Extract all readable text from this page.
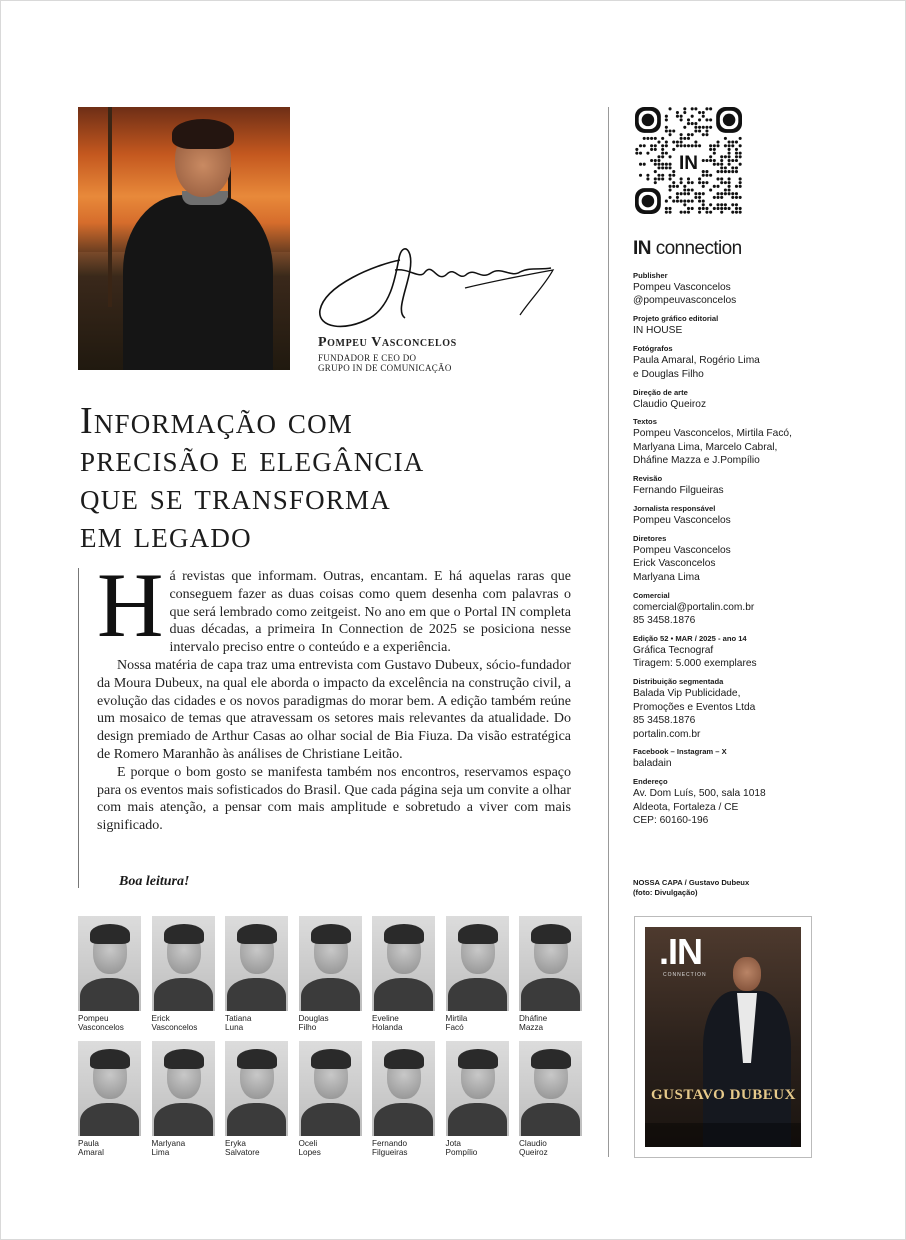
Pompeu Vasconcelos
FUNDADOR E CEO DO
GRUPO IN DE COMUNICAÇÃO
Informação com
precisão e elegância
que se transforma
em legado

Há revistas que informam. Outras, encantam. E há aquelas raras que conseguem fazer as duas coisas como quem desenha com palavras o que será lembrado como zeitgeist. No ano em que o Portal IN completa duas décadas, a primeira In Connection de 2025 se posiciona nesse intervalo preciso entre o conteúdo e a experiência.

Nossa matéria de capa traz uma entrevista com Gustavo Dubeux, sócio-fundador da Moura Dubeux, na qual ele aborda o impacto da excelência na construção civil, a evolução das cidades e os novos paradigmas do morar bem. A edição também reúne um mosaico de temas que atravessam os setores mais relevantes da atualidade. Do design premiado de Arthur Casas ao olhar social de Bia Fiuza. Da visão estratégica de Romero Maranhão às análises de Christiane Leitão.

E porque o bom gosto se manifesta também nos encontros, reservamos espaço para os eventos mais sofisticados do Brasil. Que cada página seja um convite a olhar com mais atenção, a pensar com mais amplitude e sobretudo a viver com mais significado.

Boa leitura!
Pompeu
Vasconcelos
Erick
Vasconcelos
Tatiana
Luna
Douglas
Filho
Eveline
Holanda
Mirtila
Facó
Dháfine
Mazza
Paula
Amaral
Marlyana
Lima
Eryka
Salvatore
Oceli
Lopes
Fernando
Filgueiras
Jota
Pompílio
Claudio
Queiroz
IN
IN connection
Publisher
Pompeu Vasconcelos
@pompeuvasconcelos
Projeto gráfico editorial
IN HOUSE
Fotógrafos
Paula Amaral, Rogério Lima
e Douglas Filho
Direção de arte
Claudio Queiroz
Textos
Pompeu Vasconcelos, Mirtila Facó,
Marlyana Lima, Marcelo Cabral,
Dháfine Mazza e J.Pompílio
Revisão
Fernando Filgueiras
Jornalista responsável
Pompeu Vasconcelos
Diretores
Pompeu Vasconcelos
Erick Vasconcelos
Marlyana Lima
Comercial
comercial@portalin.com.br
85 3458.1876
Edição 52 • MAR / 2025 - ano 14
Gráfica Tecnograf
Tiragem: 5.000 exemplares
Distribuição segmentada
Balada Vip Publicidade,
Promoções e Eventos Ltda
85 3458.1876
portalin.com.br
Facebook – Instagram – X
baladain
Endereço
Av. Dom Luís, 500, sala 1018
Aldeota, Fortaleza / CE
CEP: 60160-196
NOSSA CAPA / Gustavo Dubeux
(foto: Divulgação)
.IN
CONNECTION
GUSTAVO DUBEUX
